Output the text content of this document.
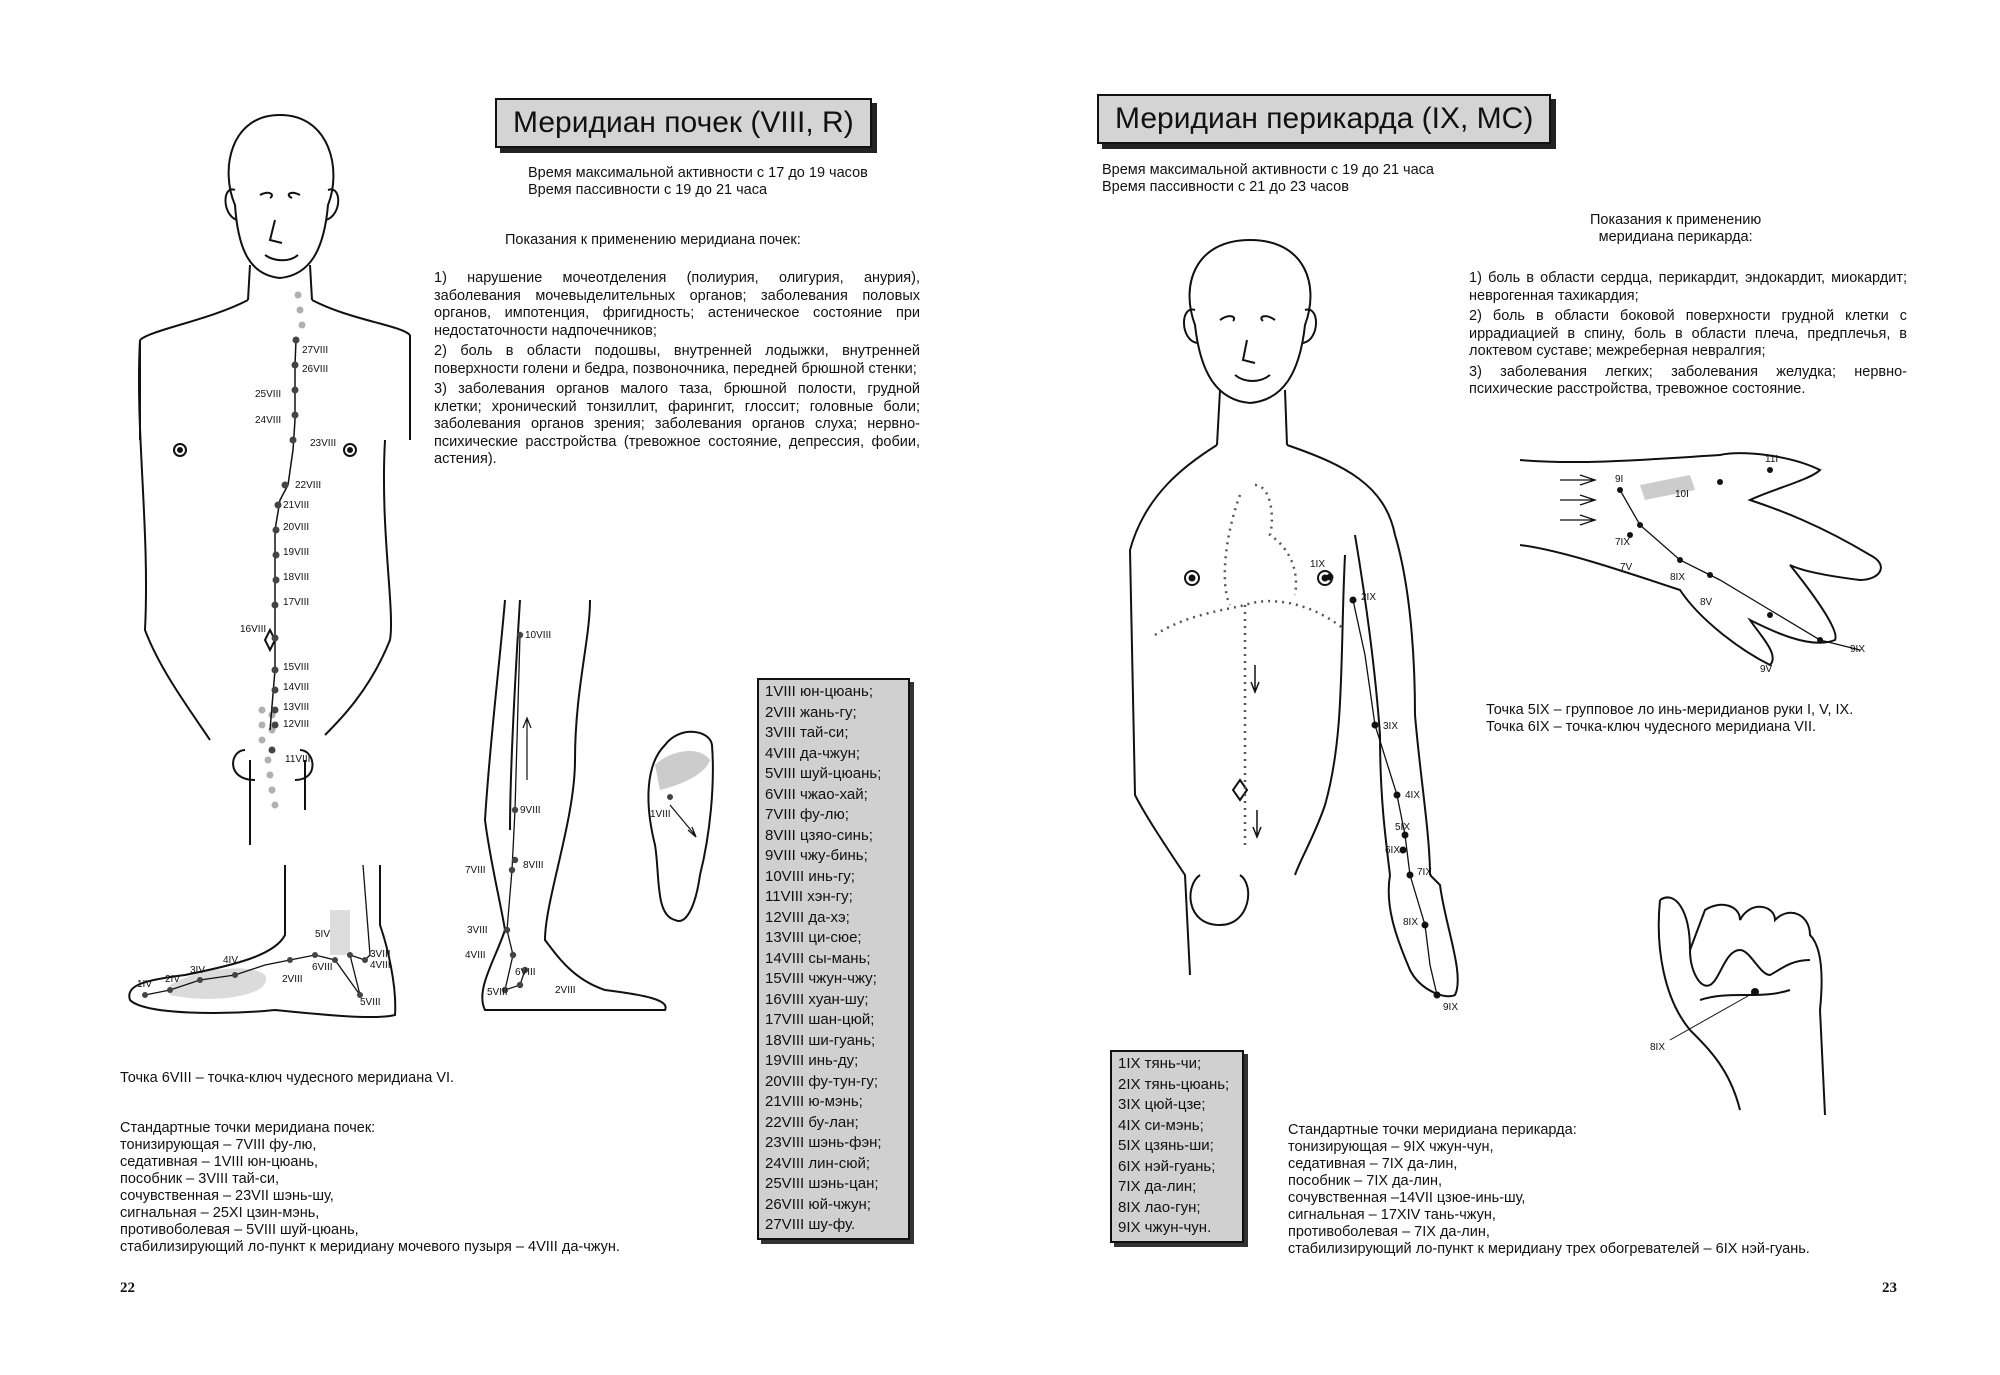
Меридиан почек (VIII, R)
Время максимальной активности с 17 до 19 часов
Время пассивности с 19 до 21 часа
Показания к применению меридиана почек:

1) нарушение мочеотделения (полиурия, олигурия, анурия), заболевания мочевыделительных органов; заболевания половых органов, импотенция, фригидность; астеническое состояние при недостаточности надпочечников;

2) боль в области подошвы, внутренней лодыжки, внутренней поверхности голени и бедра, позвоночника, передней брюшной стенки;

3) заболевания органов малого таза, брюшной полости, грудной клетки; хронический тонзиллит, фарингит, глоссит; головные боли; заболевания органов зрения; заболевания органов слуха; нервно-психические расстройства (тревожное состояние, депрессия, фобии, астения).

27VIII
26VIII
25VIII
24VIII
23VIII
22VIII
21VIII
20VIII
19VIII
18VIII
17VIII
16VIII
15VIII
14VIII
13VIII
12VIII
11VIII
1IV 2IV
3IV
4IV
5IV
2VIII
6VIII
3VIII
4VIII
5VIII
10VIII
9VIII
7VIII	8VIII
3VIII
4VIII
5VIII
6VIII
2VIII
1VIII
1VIII юн-цюань;
2VIII жань-гу;
3VIII тай-си;
4VIII да-чжун;
5VIII шуй-цюань;
6VIII чжао-хай;
7VIII фу-лю;
8VIII цзяо-синь;
9VIII чжу-бинь;
10VIII инь-гу;
11VIII хэн-гу;
12VIII да-хэ;
13VIII ци-сюе;
14VIII сы-мань;
15VIII чжун-чжу;
16VIII хуан-шу;
17VIII шан-цюй;
18VIII ши-гуань;
19VIII инь-ду;
20VIII фу-тун-гу;
21VIII ю-мэнь;
22VIII бу-лан;
23VIII шэнь-фэн;
24VIII лин-сюй;
25VIII шэнь-цан;
26VIII юй-чжун;
27VIII шу-фу.
Точка 6VIII – точка-ключ чудесного меридиана VI.
Стандартные точки меридиана почек:
тонизирующая – 7VIII фу-лю,
седативная – 1VIII юн-цюань,
пособник – 3VIII тай-си,
сочувственная – 23VII шэнь-шу,
сигнальная – 25XI цзин-мэнь,
противоболевая – 5VIII шуй-цюань,
стабилизирующий ло-пункт к меридиану мочевого пузыря – 4VIII да-чжун.
22
Меридиан перикарда (IX, МС)
Время максимальной активности с 19 до 21 часа
Время пассивности с 21 до 23 часов
Показания к применению
меридиана перикарда:

1) боль в области сердца, перикардит, эндокардит, миокардит; неврогенная тахикардия;

2) боль в области боковой поверхности грудной клетки с иррадиацией в спину, боль в области плеча, предплечья, в локтевом суставе; межреберная невралгия;

3) заболевания легких; заболевания желудка; нервно-психические расстройства, тревожное состояние.

1IX
2IX
3IX
4IX
5IX
6IX
7IX
8IX
9IX
9I
10I
11I
7IX
7V
8IX
8V
9IX
9V
Точка 5IX – групповое ло инь-меридианов руки I, V, IX.
Точка 6IX – точка-ключ чудесного меридиана VII.
8IX
1IX тянь-чи;
2IX тянь-цюань;
3IX цюй-цзе;
4IX си-мэнь;
5IX цзянь-ши;
6IX нэй-гуань;
7IX да-лин;
8IX лао-гун;
9IX чжун-чун.
Стандартные точки меридиана перикарда:
тонизирующая – 9IX чжун-чун,
седативная – 7IX да-лин,
пособник – 7IX да-лин,
сочувственная –14VII цзюе-инь-шу,
сигнальная – 17XIV тань-чжун,
противоболевая – 7IX да-лин,
стабилизирующий ло-пункт к меридиану трех обогревателей – 6IX нэй-гуань.
23
